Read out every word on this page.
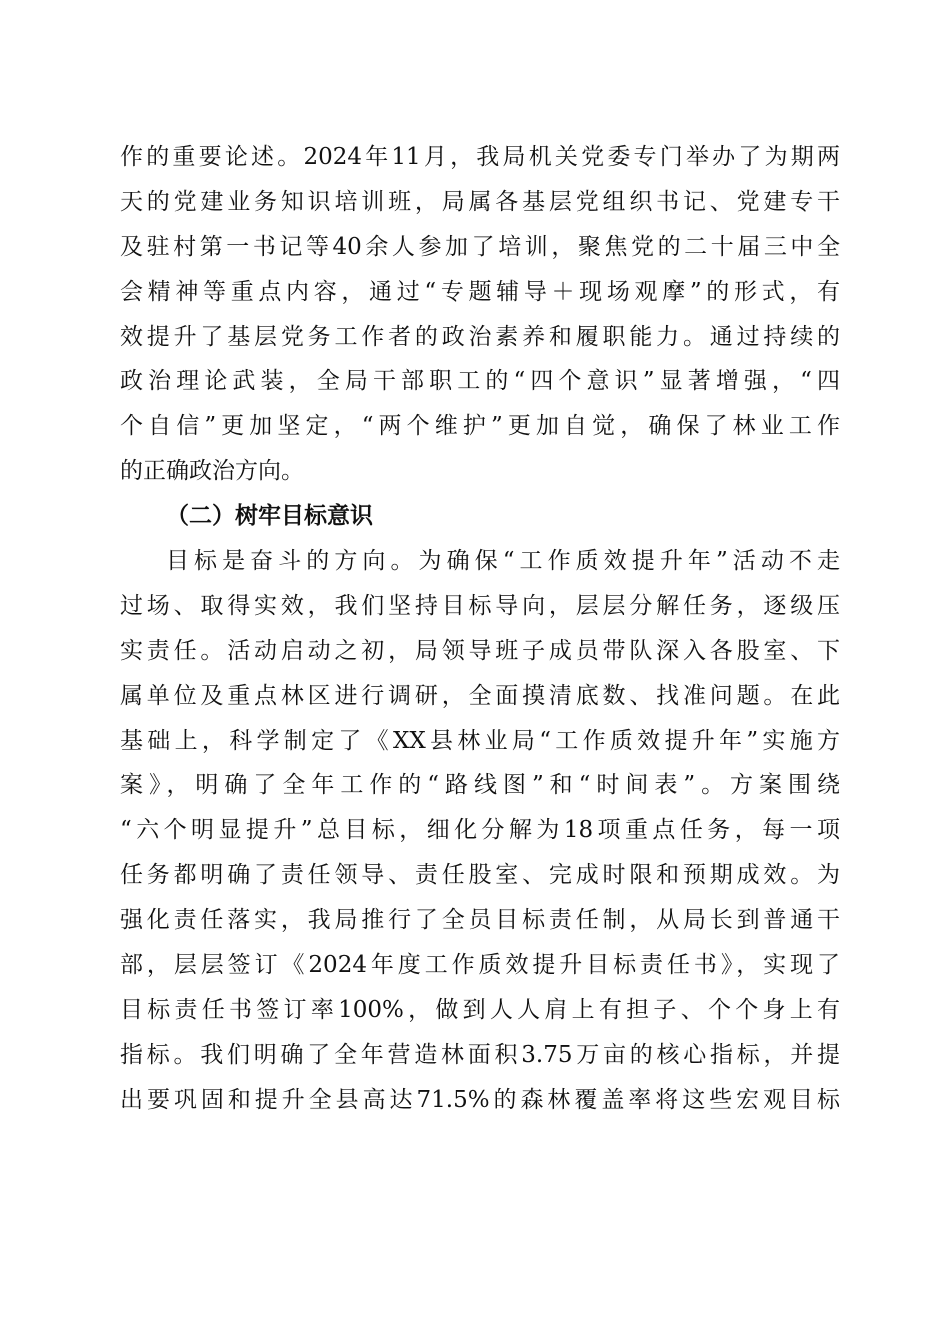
作的重要论述。2024年11月，我局机关党委专门举办了为期两
天的党建业务知识培训班，局属各基层党组织书记、党建专干
及驻村第一书记等40余人参加了培训，聚焦党的二十届三中全
会精神等重点内容，通过“专题辅导＋现场观摩”的形式，有
效提升了基层党务工作者的政治素养和履职能力。通过持续的
政治理论武装，全局干部职工的“四个意识”显著增强，“四
个自信”更加坚定，“两个维护”更加自觉，确保了林业工作
的正确政治方向。
（二）树牢目标意识
目标是奋斗的方向。为确保“工作质效提升年”活动不走
过场、取得实效，我们坚持目标导向，层层分解任务，逐级压
实责任。活动启动之初，局领导班子成员带队深入各股室、下
属单位及重点林区进行调研，全面摸清底数、找准问题。在此
基础上，科学制定了《XX县林业局“工作质效提升年”实施方
案》，明确了全年工作的“路线图”和“时间表”。方案围绕
“六个明显提升”总目标，细化分解为18项重点任务，每一项
任务都明确了责任领导、责任股室、完成时限和预期成效。为
强化责任落实，我局推行了全员目标责任制，从局长到普通干
部，层层签订《2024年度工作质效提升目标责任书》，实现了
目标责任书签订率100%，做到人人肩上有担子、个个身上有
指标。我们明确了全年营造林面积3.75万亩的核心指标，并提
出要巩固和提升全县高达71.5%的森林覆盖率将这些宏观目标
